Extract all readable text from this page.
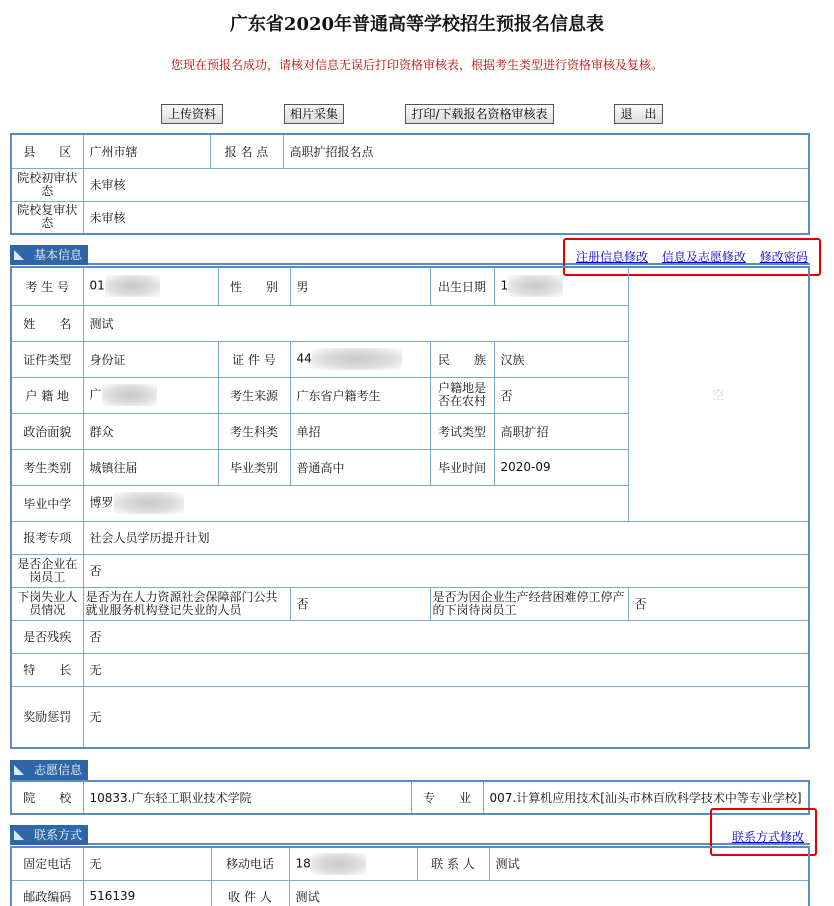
广东省2020年普通高等学校招生预报名信息表
您现在预报名成功，请核对信息无误后打印资格审核表，根据考生类型进行资格审核及复核。
上传资料	相片采集	打印/下载报名资格审核表	退　出
县　　区	广州市辖	报 名 点	高职扩招报名点
院校初审状态	未审核		
院校复审状态	未审核		
基本信息	注册信息修改 信息及志愿修改 修改密码
考 生 号	01	性　　别	男	出生日期	1	空
姓　　名	测试					
证件类型	身份证	证 件 号	44	民　　族	汉族	
户 籍 地	广	考生来源	广东省户籍考生	户籍地是否在农村	否	
政治面貌	群众	考生科类	单招	考试类型	高职扩招	
考生类别	城镇往届	毕业类别	普通高中	毕业时间	2020-09	
毕业中学	博罗					
报考专项	社会人员学历提升计划					
是否企业在岗员工	否					
下岗失业人员情况	是否为在人力资源社会保障部门公共就业服务机构登记失业的人员		否	是否为因企业生产经营困难停工停产的下岗待岗员工		否
是否残疾	否					
特　　长	无					
奖励惩罚	无					
志愿信息
院　　校	10833.广东轻工职业技术学院	专　　业	007.计算机应用技术[汕头市林百欣科学技术中等专业学校]
联系方式	联系方式修改
固定电话	无	移动电话	18	联 系 人	测试
邮政编码	516139	收 件 人	测试		
